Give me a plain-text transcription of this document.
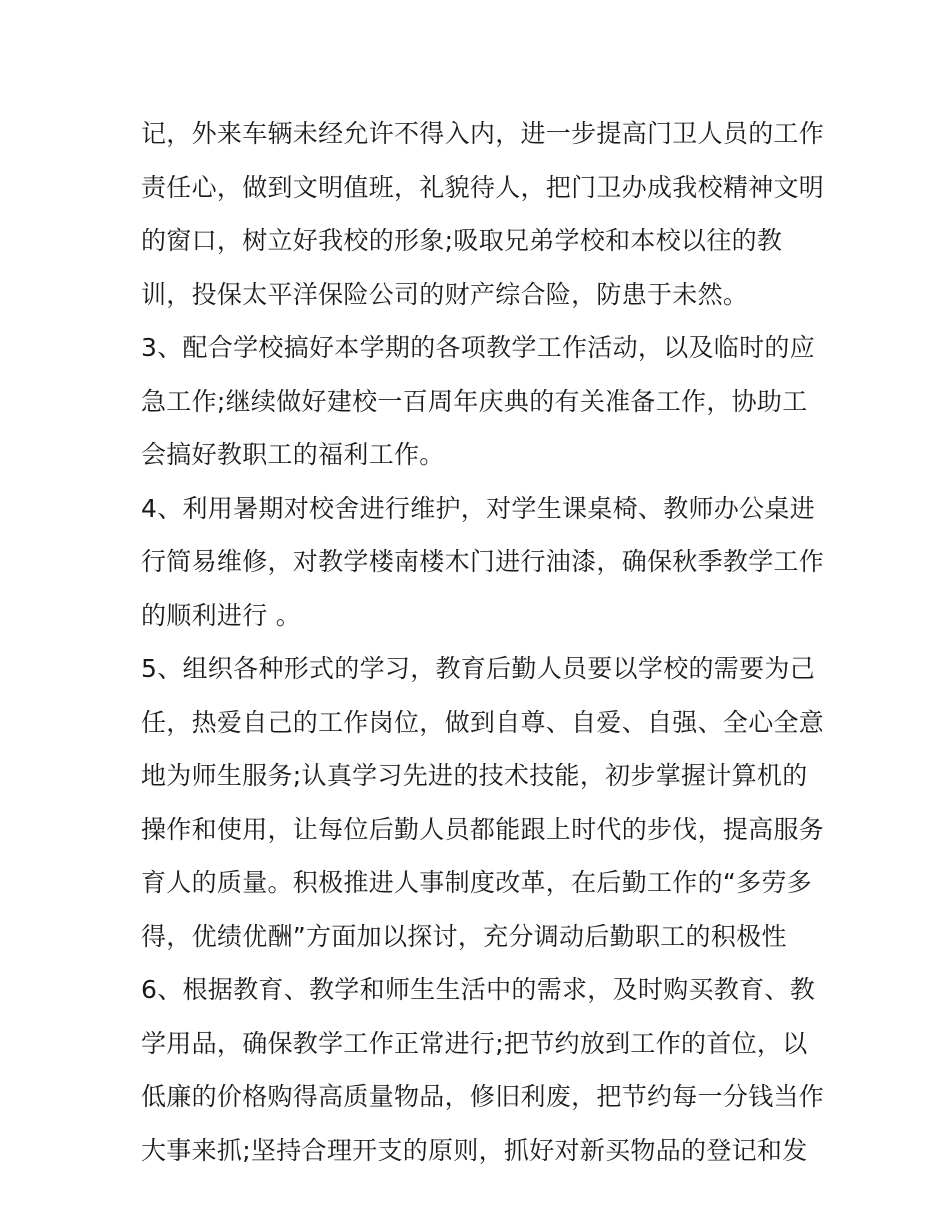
记，外来车辆未经允许不得入内，进一步提高门卫人员的工作
责任心，做到文明值班，礼貌待人，把门卫办成我校精神文明
的窗口，树立好我校的形象;吸取兄弟学校和本校以往的教
训，投保太平洋保险公司的财产综合险，防患于未然。
3、配合学校搞好本学期的各项教学工作活动，以及临时的应
急工作;继续做好建校一百周年庆典的有关准备工作，协助工
会搞好教职工的福利工作。
4、利用暑期对校舍进行维护，对学生课桌椅、教师办公桌进
行简易维修，对教学楼南楼木门进行油漆，确保秋季教学工作
的顺利进行 。
5、组织各种形式的学习，教育后勤人员要以学校的需要为己
任，热爱自己的工作岗位，做到自尊、自爱、自强、全心全意
地为师生服务;认真学习先进的技术技能，初步掌握计算机的
操作和使用，让每位后勤人员都能跟上时代的步伐，提高服务
育人的质量。积极推进人事制度改革，在后勤工作的“多劳多
得，优绩优酬”方面加以探讨，充分调动后勤职工的积极性
6、根据教育、教学和师生生活中的需求，及时购买教育、教
学用品，确保教学工作正常进行;把节约放到工作的首位，以
低廉的价格购得高质量物品，修旧利废，把节约每一分钱当作
大事来抓;坚持合理开支的原则，抓好对新买物品的登记和发
